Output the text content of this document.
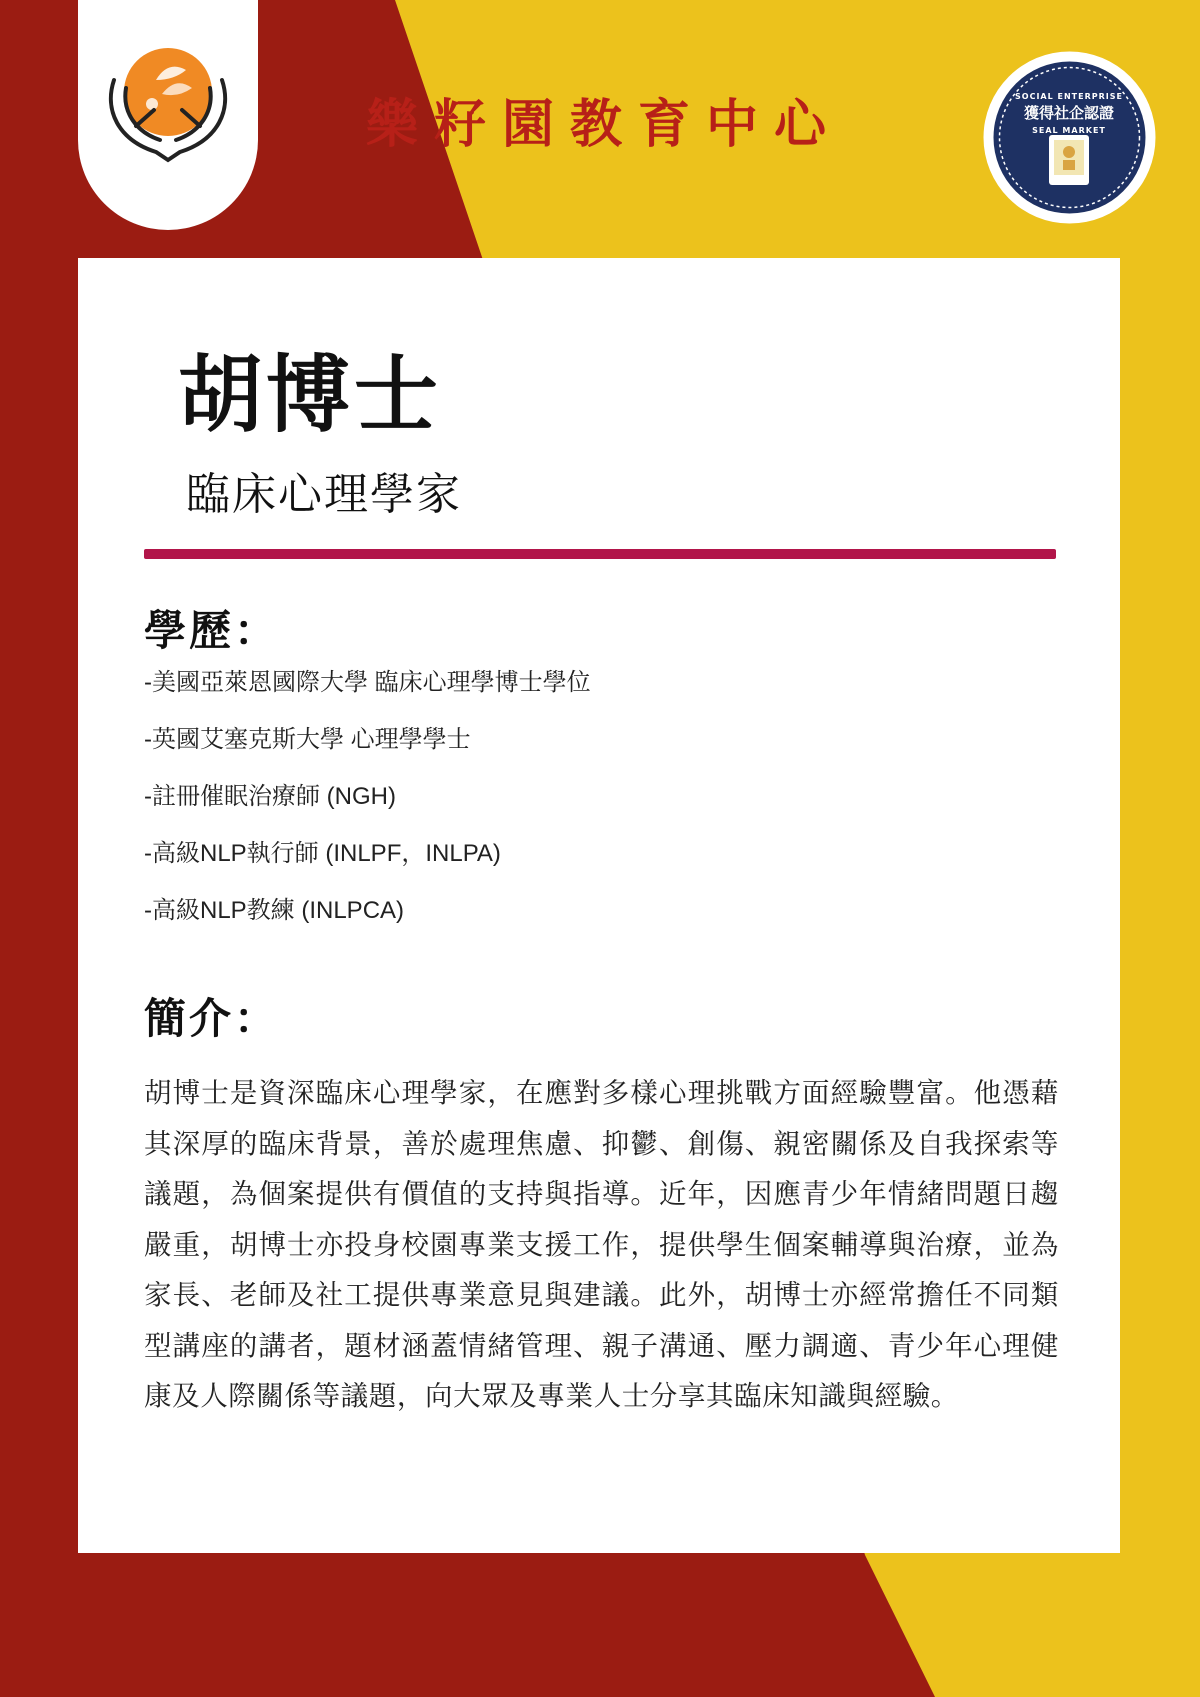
樂籽園教育中心	SOCIAL ENTERPRISE
獲得社企認證
SEAL MARKET
胡博士
臨床心理學家
學歷：
-美國亞萊恩國際大學 臨床心理學博士學位
-英國艾塞克斯大學 心理學學士
-註冊催眠治療師 (NGH)
-高級NLP執行師 (INLPF，INLPA)
-高級NLP教練 (INLPCA)
簡介：

胡博士是資深臨床心理學家，在應對多樣心理挑戰方面經驗豐富。他憑藉其深厚的臨床背景，善於處理焦慮、抑鬱、創傷、親密關係及自我探索等議題，為個案提供有價值的支持與指導。近年，因應青少年情緒問題日趨嚴重，胡博士亦投身校園專業支援工作，提供學生個案輔導與治療，並為家長、老師及社工提供專業意見與建議。此外，胡博士亦經常擔任不同類型講座的講者，題材涵蓋情緒管理、親子溝通、壓力調適、青少年心理健康及人際關係等議題，向大眾及專業人士分享其臨床知識與經驗。
